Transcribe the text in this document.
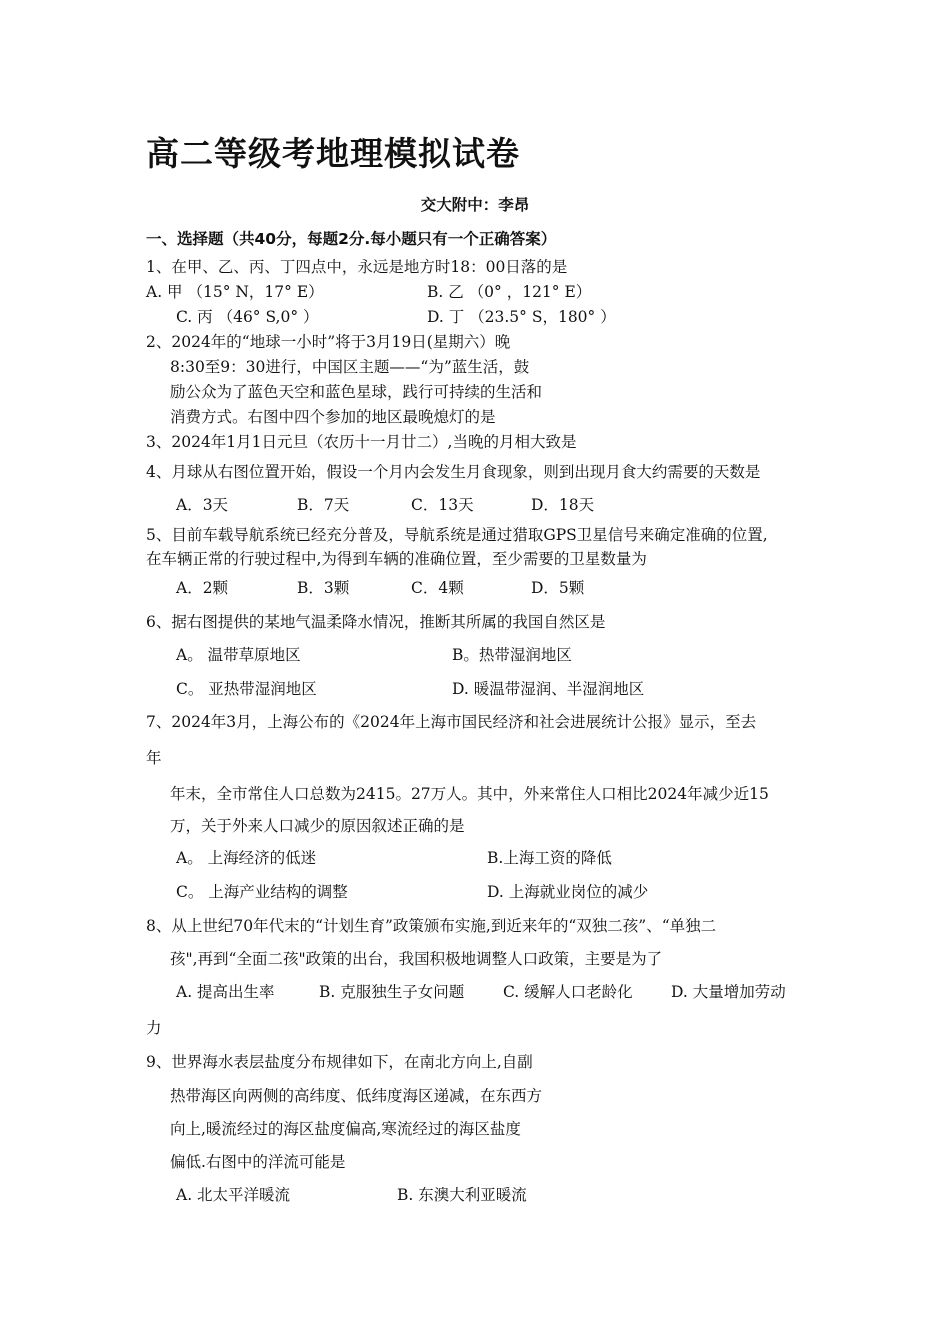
高二等级考地理模拟试卷
交大附中：李昂
一、选择题（共40分，每题2分.每小题只有一个正确答案）
1、在甲、乙、丙、丁四点中，永远是地方时18：00日落的是
A. 甲 （15° N，17° E）	B. 乙 （0° ，121° E）
C. 丙 （46° S,0° ）	D. 丁 （23.5° S，180° ）
2、2024年的“地球一小时”将于3月19日(星期六）晚
8:30至9：30进行，中国区主题——“为”蓝生活，鼓
励公众为了蓝色天空和蓝色星球，践行可持续的生活和
消费方式。右图中四个参加的地区最晚熄灯的是
3、2024年1月1日元旦（农历十一月廿二）,当晚的月相大致是
4、月球从右图位置开始，假设一个月内会发生月食现象，则到出现月食大约需要的天数是
A．3天	B．7天	C．13天	D．18天
5、目前车载导航系统已经充分普及，导航系统是通过猎取GPS卫星信号来确定准确的位置,
在车辆正常的行驶过程中,为得到车辆的准确位置，至少需要的卫星数量为
A．2颗	B．3颗	C．4颗	D．5颗
6、据右图提供的某地气温柔降水情况，推断其所属的我国自然区是
A。 温带草原地区	B。热带湿润地区
C。 亚热带湿润地区	D. 暖温带湿润、半湿润地区
7、2024年3月，上海公布的《2024年上海市国民经济和社会进展统计公报》显示，至去
年
年末，全市常住人口总数为2415。27万人。其中，外来常住人口相比2024年减少近15
万，关于外来人口减少的原因叙述正确的是
A。 上海经济的低迷	B.上海工资的降低
C。 上海产业结构的调整	D. 上海就业岗位的减少
8、从上世纪70年代末的“计划生育”政策颁布实施,到近来年的“双独二孩”、“单独二
孩",再到“全面二孩"政策的出台，我国积极地调整人口政策，主要是为了
A. 提高出生率	B. 克服独生子女问题	C. 缓解人口老龄化 D. 大量增加劳动
力
9、世界海水表层盐度分布规律如下，在南北方向上,自副
热带海区向两侧的高纬度、低纬度海区递减，在东西方
向上,暖流经过的海区盐度偏高,寒流经过的海区盐度
偏低.右图中的洋流可能是
A. 北太平洋暖流	B. 东澳大利亚暖流
